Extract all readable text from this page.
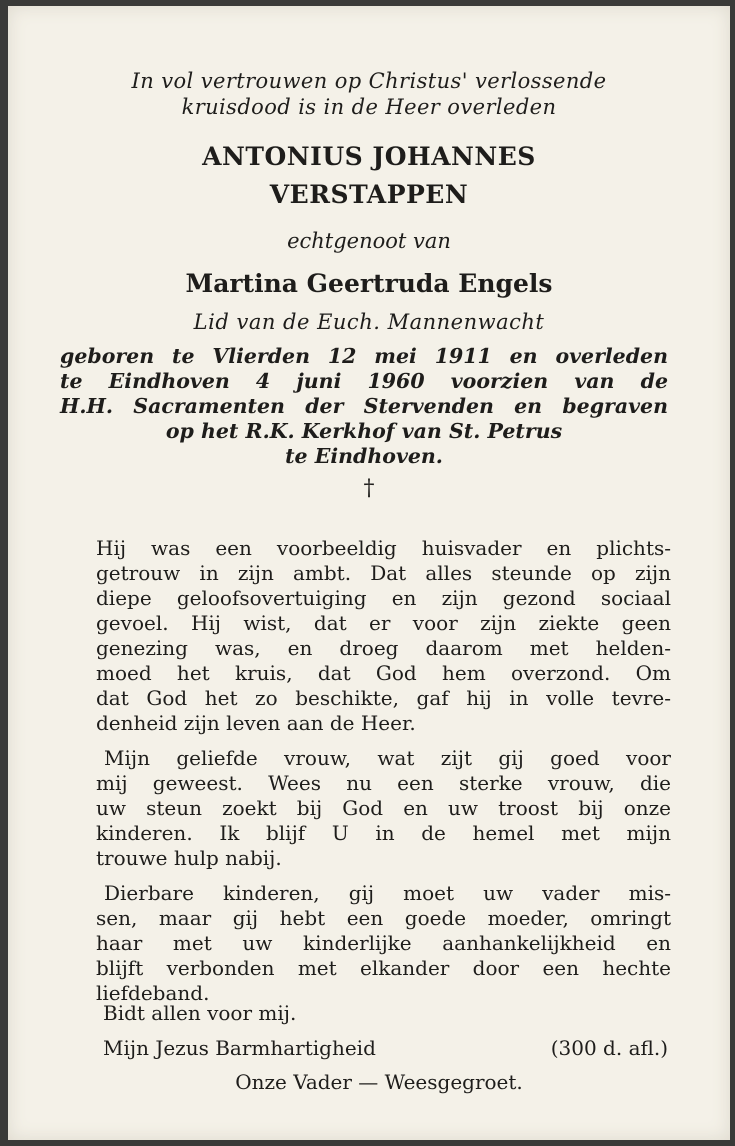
In vol vertrouwen op Christus' verlossende
kruisdood is in de Heer overleden
ANTONIUS JOHANNES
VERSTAPPEN
echtgenoot van
Martina Geertruda Engels
Lid van de Euch. Mannenwacht
geboren te Vlierden 12 mei 1911 en overleden
te Eindhoven 4 juni 1960 voorzien van de
H.H. Sacramenten der Stervenden en begraven
op het R.K. Kerkhof van St. Petrus
te Eindhoven.
†
Hij was een voorbeeldig huisvader en plichts-
getrouw in zijn ambt. Dat alles steunde op zijn
diepe geloofsovertuiging en zijn gezond sociaal
gevoel. Hij wist, dat er voor zijn ziekte geen
genezing was, en droeg daarom met helden-
moed het kruis, dat God hem overzond. Om
dat God het zo beschikte, gaf hij in volle tevre-
denheid zijn leven aan de Heer.
Mijn geliefde vrouw, wat zijt gij goed voor
mij geweest. Wees nu een sterke vrouw, die
uw steun zoekt bij God en uw troost bij onze
kinderen. Ik blijf U in de hemel met mijn
trouwe hulp nabij.
Dierbare kinderen, gij moet uw vader mis-
sen, maar gij hebt een goede moeder, omringt
haar met uw kinderlijke aanhankelijkheid en
blijft verbonden met elkander door een hechte
liefdeband.
Bidt allen voor mij.
Mijn Jezus Barmhartigheid	(300 d. afl.)
Onze Vader — Weesgegroet.
